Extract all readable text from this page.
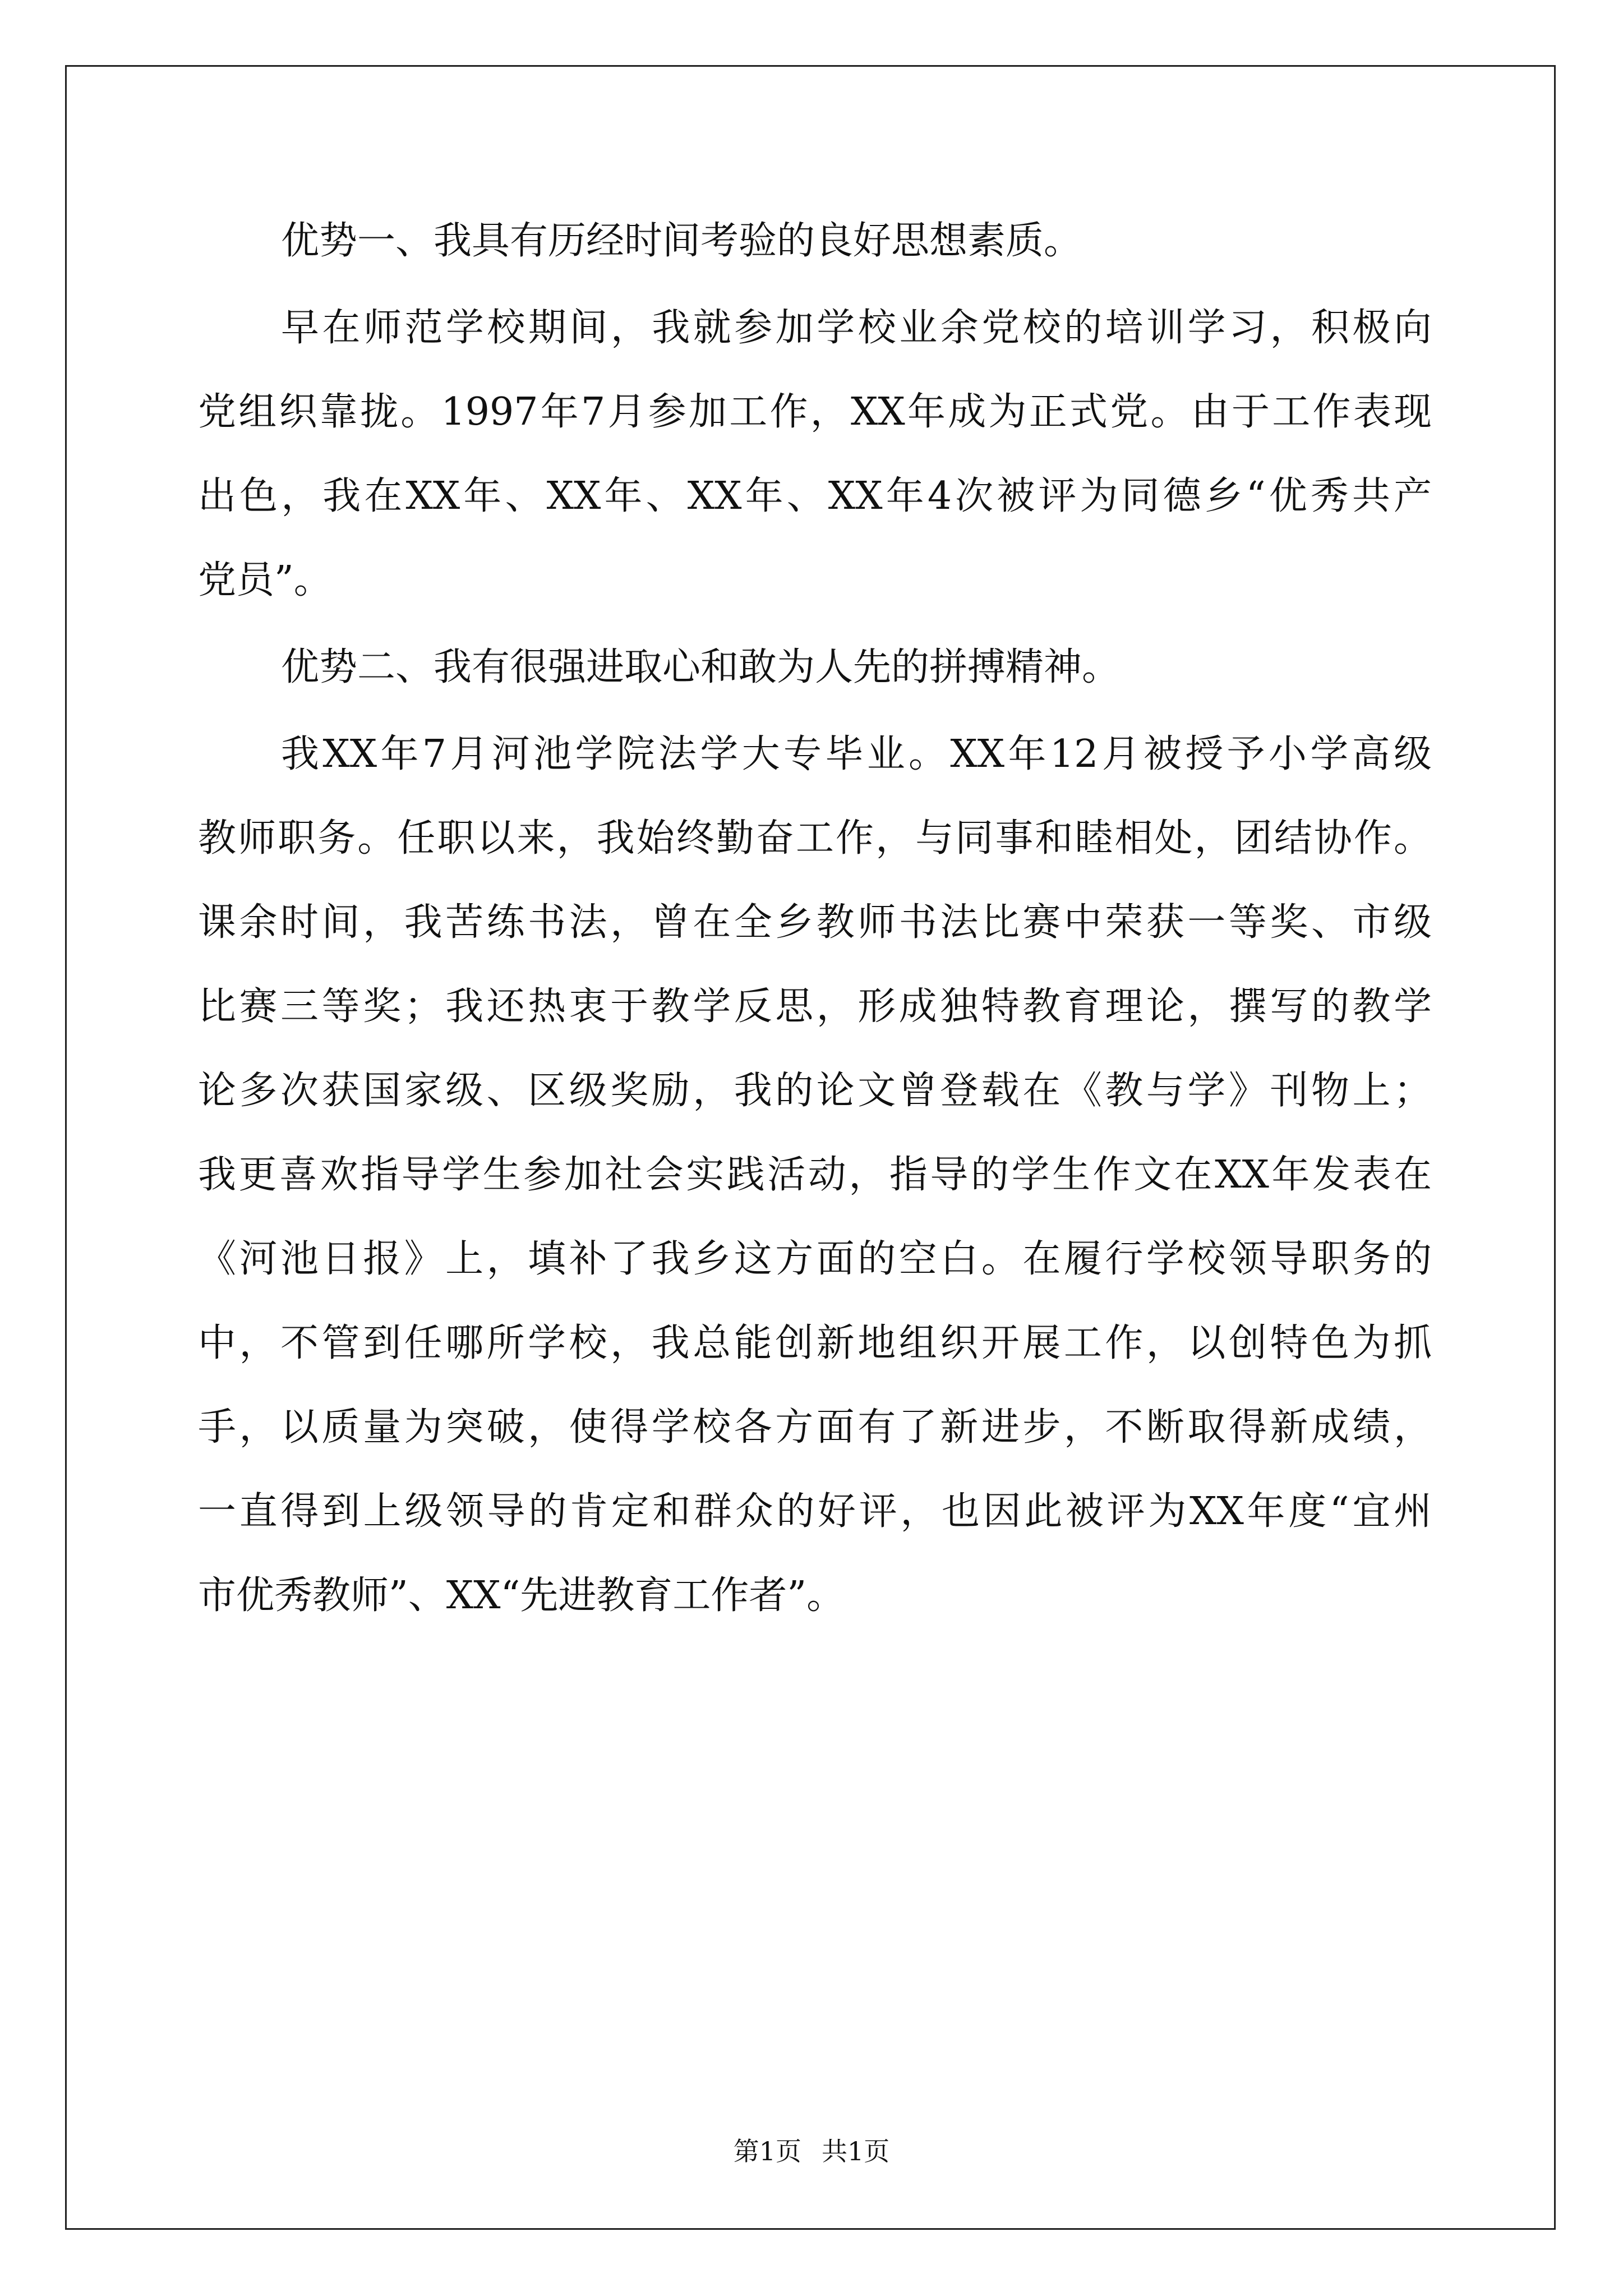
优势一、我具有历经时间考验的良好思想素质。
早在师范学校期间，我就参加学校业余党校的培训学习，积极向
党组织靠拢。1997年7月参加工作，XX年成为正式党。由于工作表现
出色，我在XX年、XX年、XX年、XX年4次被评为同德乡“优秀共产
党员”。
优势二、我有很强进取心和敢为人先的拼搏精神。
我XX年7月河池学院法学大专毕业。XX年12月被授予小学高级
教师职务。任职以来，我始终勤奋工作，与同事和睦相处，团结协作。
课余时间，我苦练书法，曾在全乡教师书法比赛中荣获一等奖、市级
比赛三等奖；我还热衷于教学反思，形成独特教育理论，撰写的教学
论多次获国家级、区级奖励，我的论文曾登载在《教与学》刊物上；
我更喜欢指导学生参加社会实践活动，指导的学生作文在XX年发表在
《河池日报》上，填补了我乡这方面的空白。在履行学校领导职务的
中，不管到任哪所学校，我总能创新地组织开展工作，以创特色为抓
手，以质量为突破，使得学校各方面有了新进步，不断取得新成绩，
一直得到上级领导的肯定和群众的好评，也因此被评为XX年度“宜州
市优秀教师”、XX“先进教育工作者”。
第1页 共1页
